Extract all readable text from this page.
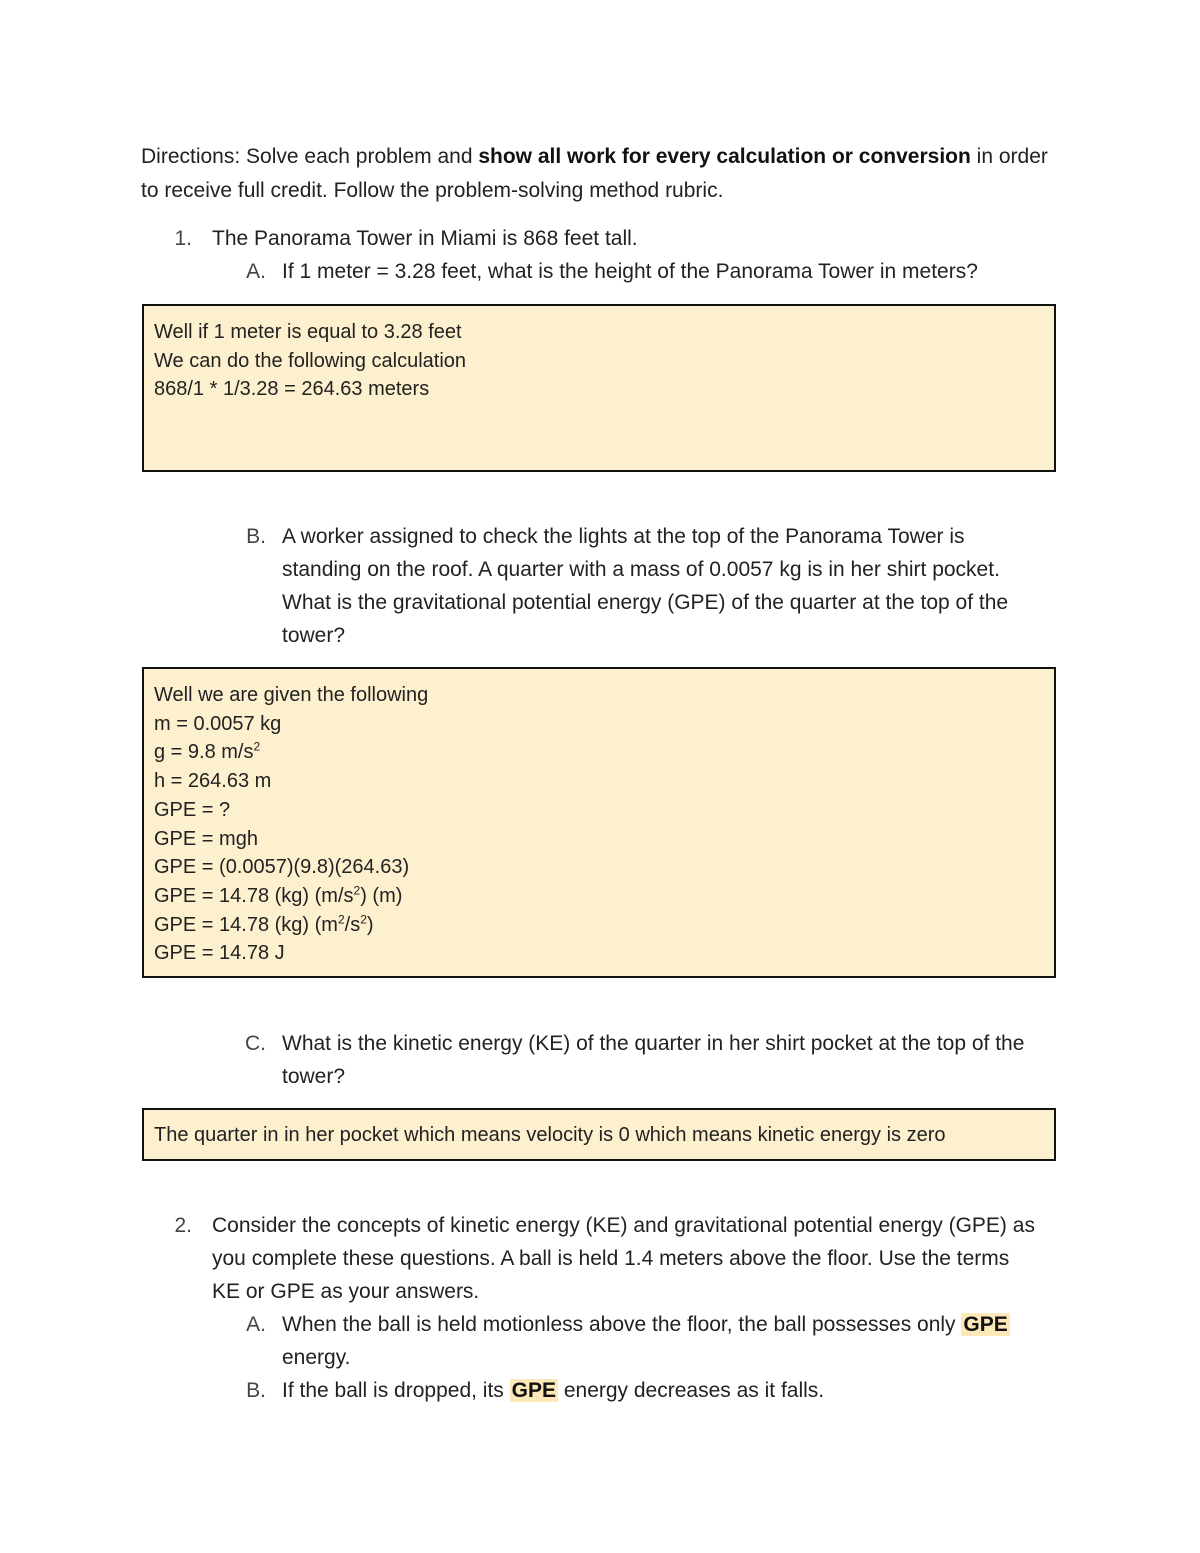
Directions: Solve each problem and show all work for every calculation or conversion in order
to receive full credit. Follow the problem-solving method rubric.
1. The Panorama Tower in Miami is 868 feet tall.
A. If 1 meter = 3.28 feet, what is the height of the Panorama Tower in meters?
Well if 1 meter is equal to 3.28 feet
We can do the following calculation
868/1 * 1/3.28 = 264.63 meters
B. A worker assigned to check the lights at the top of the Panorama Tower is
standing on the roof. A quarter with a mass of 0.0057 kg is in her shirt pocket.
What is the gravitational potential energy (GPE) of the quarter at the top of the
tower?
Well we are given the following
m = 0.0057 kg
g = 9.8 $m/s^2$
h = 264.63 m
GPE = ?
GPE = mgh
GPE = (0.0057)(9.8)(264.63)
GPE = 14.78 (kg) $(m/s^2)$ (m)
GPE = 14.78 (kg) $(m^2/s^2)$
GPE = 14.78 J
C. What is the kinetic energy (KE) of the quarter in her shirt pocket at the top of the
tower?
The quarter in in her pocket which means velocity is 0 which means kinetic energy is zero
2. Consider the concepts of kinetic energy (KE) and gravitational potential energy (GPE) as
you complete these questions. A ball is held 1.4 meters above the floor. Use the terms
KE or GPE as your answers.
A. When the ball is held motionless above the floor, the ball possesses only GPE
energy.
B. If the ball is dropped, its GPE energy decreases as it falls.
